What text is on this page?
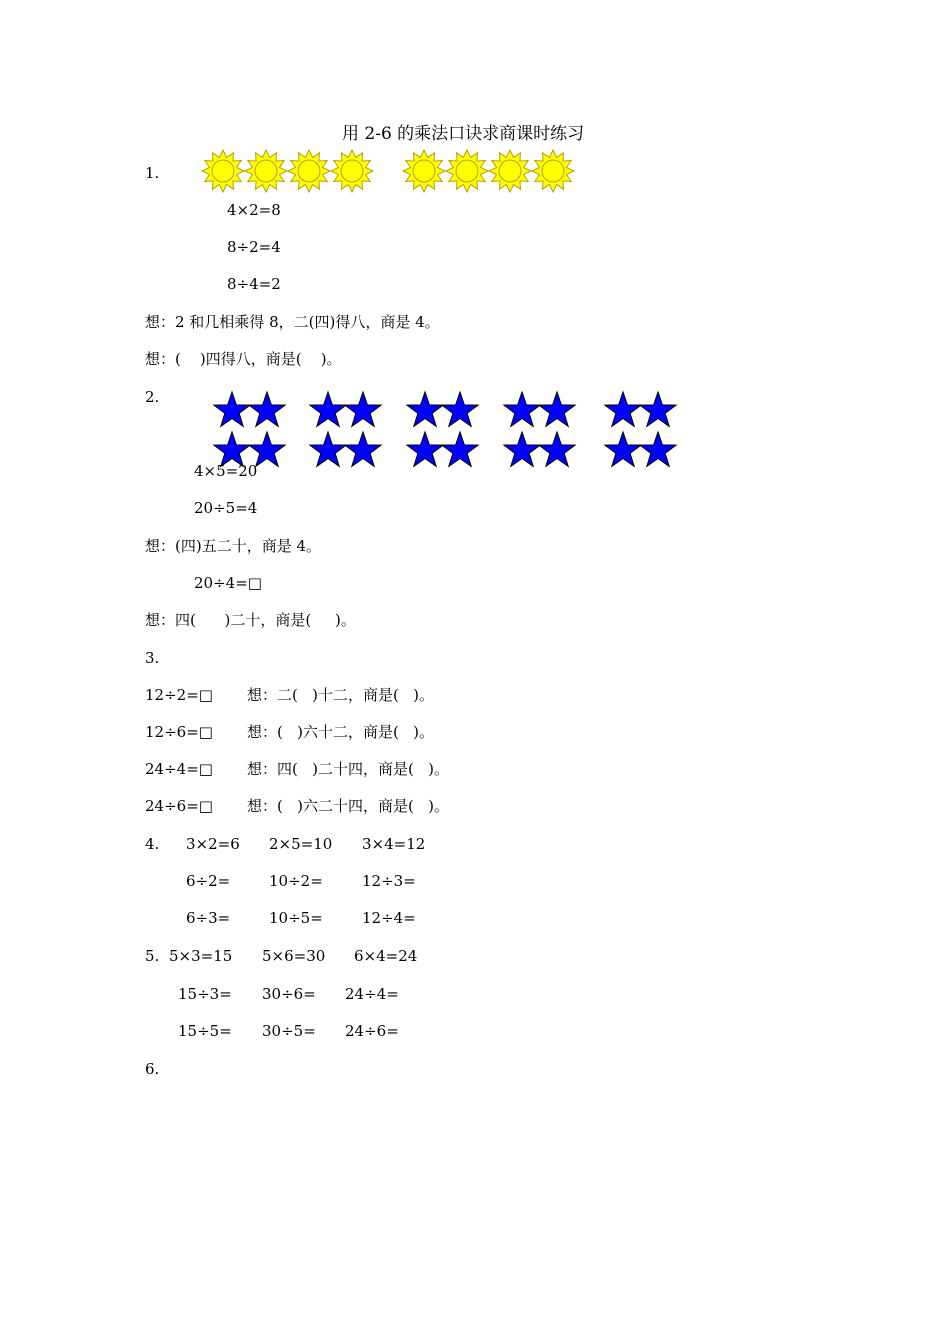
用 2-6 的乘法口诀求商课时练习
1.
4×2=8
8÷2=4
8÷4=2
想：2 和几相乘得 8，二(四)得八，商是 4。
想：(    )四得八，商是(    )。
2.
4×5=20
20÷5=4
想：(四)五二十，商是 4。
20÷4=□
想：四(      )二十，商是(     )。
3.
12÷2=□ 想：二(   )十二，商是(   )。
12÷6=□ 想：(   )六十二，商是(   )。
24÷4=□ 想：四(   )二十四，商是(   )。
24÷6=□ 想：(   )六二十四，商是(   )。
4. 3×2=6 2×5=10 3×4=12
6÷2=	10÷2=	12÷3=
6÷3=	10÷5=	12÷4=
5. 5×3=15 5×6=30 6×4=24
15÷3= 30÷6= 24÷4=
15÷5= 30÷5= 24÷6=
6.
